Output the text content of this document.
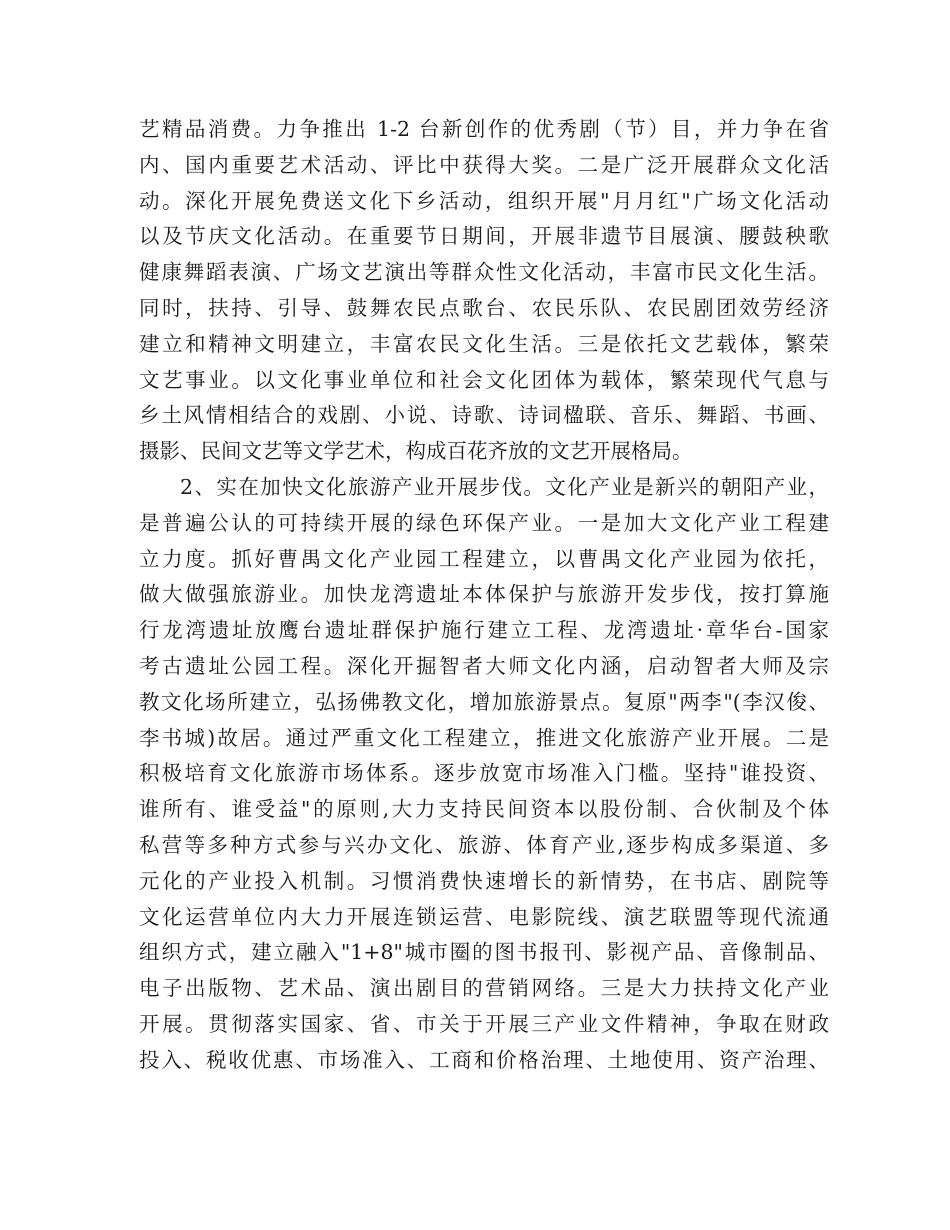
艺精品消费。力争推出 1-2 台新创作的优秀剧（节）目，并力争在省
内、国内重要艺术活动、评比中获得大奖。二是广泛开展群众文化活
动。深化开展免费送文化下乡活动，组织开展"月月红"广场文化活动
以及节庆文化活动。在重要节日期间，开展非遗节目展演、腰鼓秧歌
健康舞蹈表演、广场文艺演出等群众性文化活动，丰富市民文化生活。
同时，扶持、引导、鼓舞农民点歌台、农民乐队、农民剧团效劳经济
建立和精神文明建立，丰富农民文化生活。三是依托文艺载体，繁荣
文艺事业。以文化事业单位和社会文化团体为载体，繁荣现代气息与
乡土风情相结合的戏剧、小说、诗歌、诗词楹联、音乐、舞蹈、书画、
摄影、民间文艺等文学艺术，构成百花齐放的文艺开展格局。
2、实在加快文化旅游产业开展步伐。文化产业是新兴的朝阳产业，
是普遍公认的可持续开展的绿色环保产业。一是加大文化产业工程建
立力度。抓好曹禺文化产业园工程建立，以曹禺文化产业园为依托，
做大做强旅游业。加快龙湾遗址本体保护与旅游开发步伐，按打算施
行龙湾遗址放鹰台遗址群保护施行建立工程、龙湾遗址·章华台-国家
考古遗址公园工程。深化开掘智者大师文化内涵，启动智者大师及宗
教文化场所建立，弘扬佛教文化，增加旅游景点。复原"两李"(李汉俊、
李书城)故居。通过严重文化工程建立，推进文化旅游产业开展。二是
积极培育文化旅游市场体系。逐步放宽市场准入门槛。坚持"谁投资、
谁所有、谁受益"的原则,大力支持民间资本以股份制、合伙制及个体
私营等多种方式参与兴办文化、旅游、体育产业,逐步构成多渠道、多
元化的产业投入机制。习惯消费快速增长的新情势，在书店、剧院等
文化运营单位内大力开展连锁运营、电影院线、演艺联盟等现代流通
组织方式，建立融入"1+8"城市圈的图书报刊、影视产品、音像制品、
电子出版物、艺术品、演出剧目的营销网络。三是大力扶持文化产业
开展。贯彻落实国家、省、市关于开展三产业文件精神，争取在财政
投入、税收优惠、市场准入、工商和价格治理、土地使用、资产治理、
